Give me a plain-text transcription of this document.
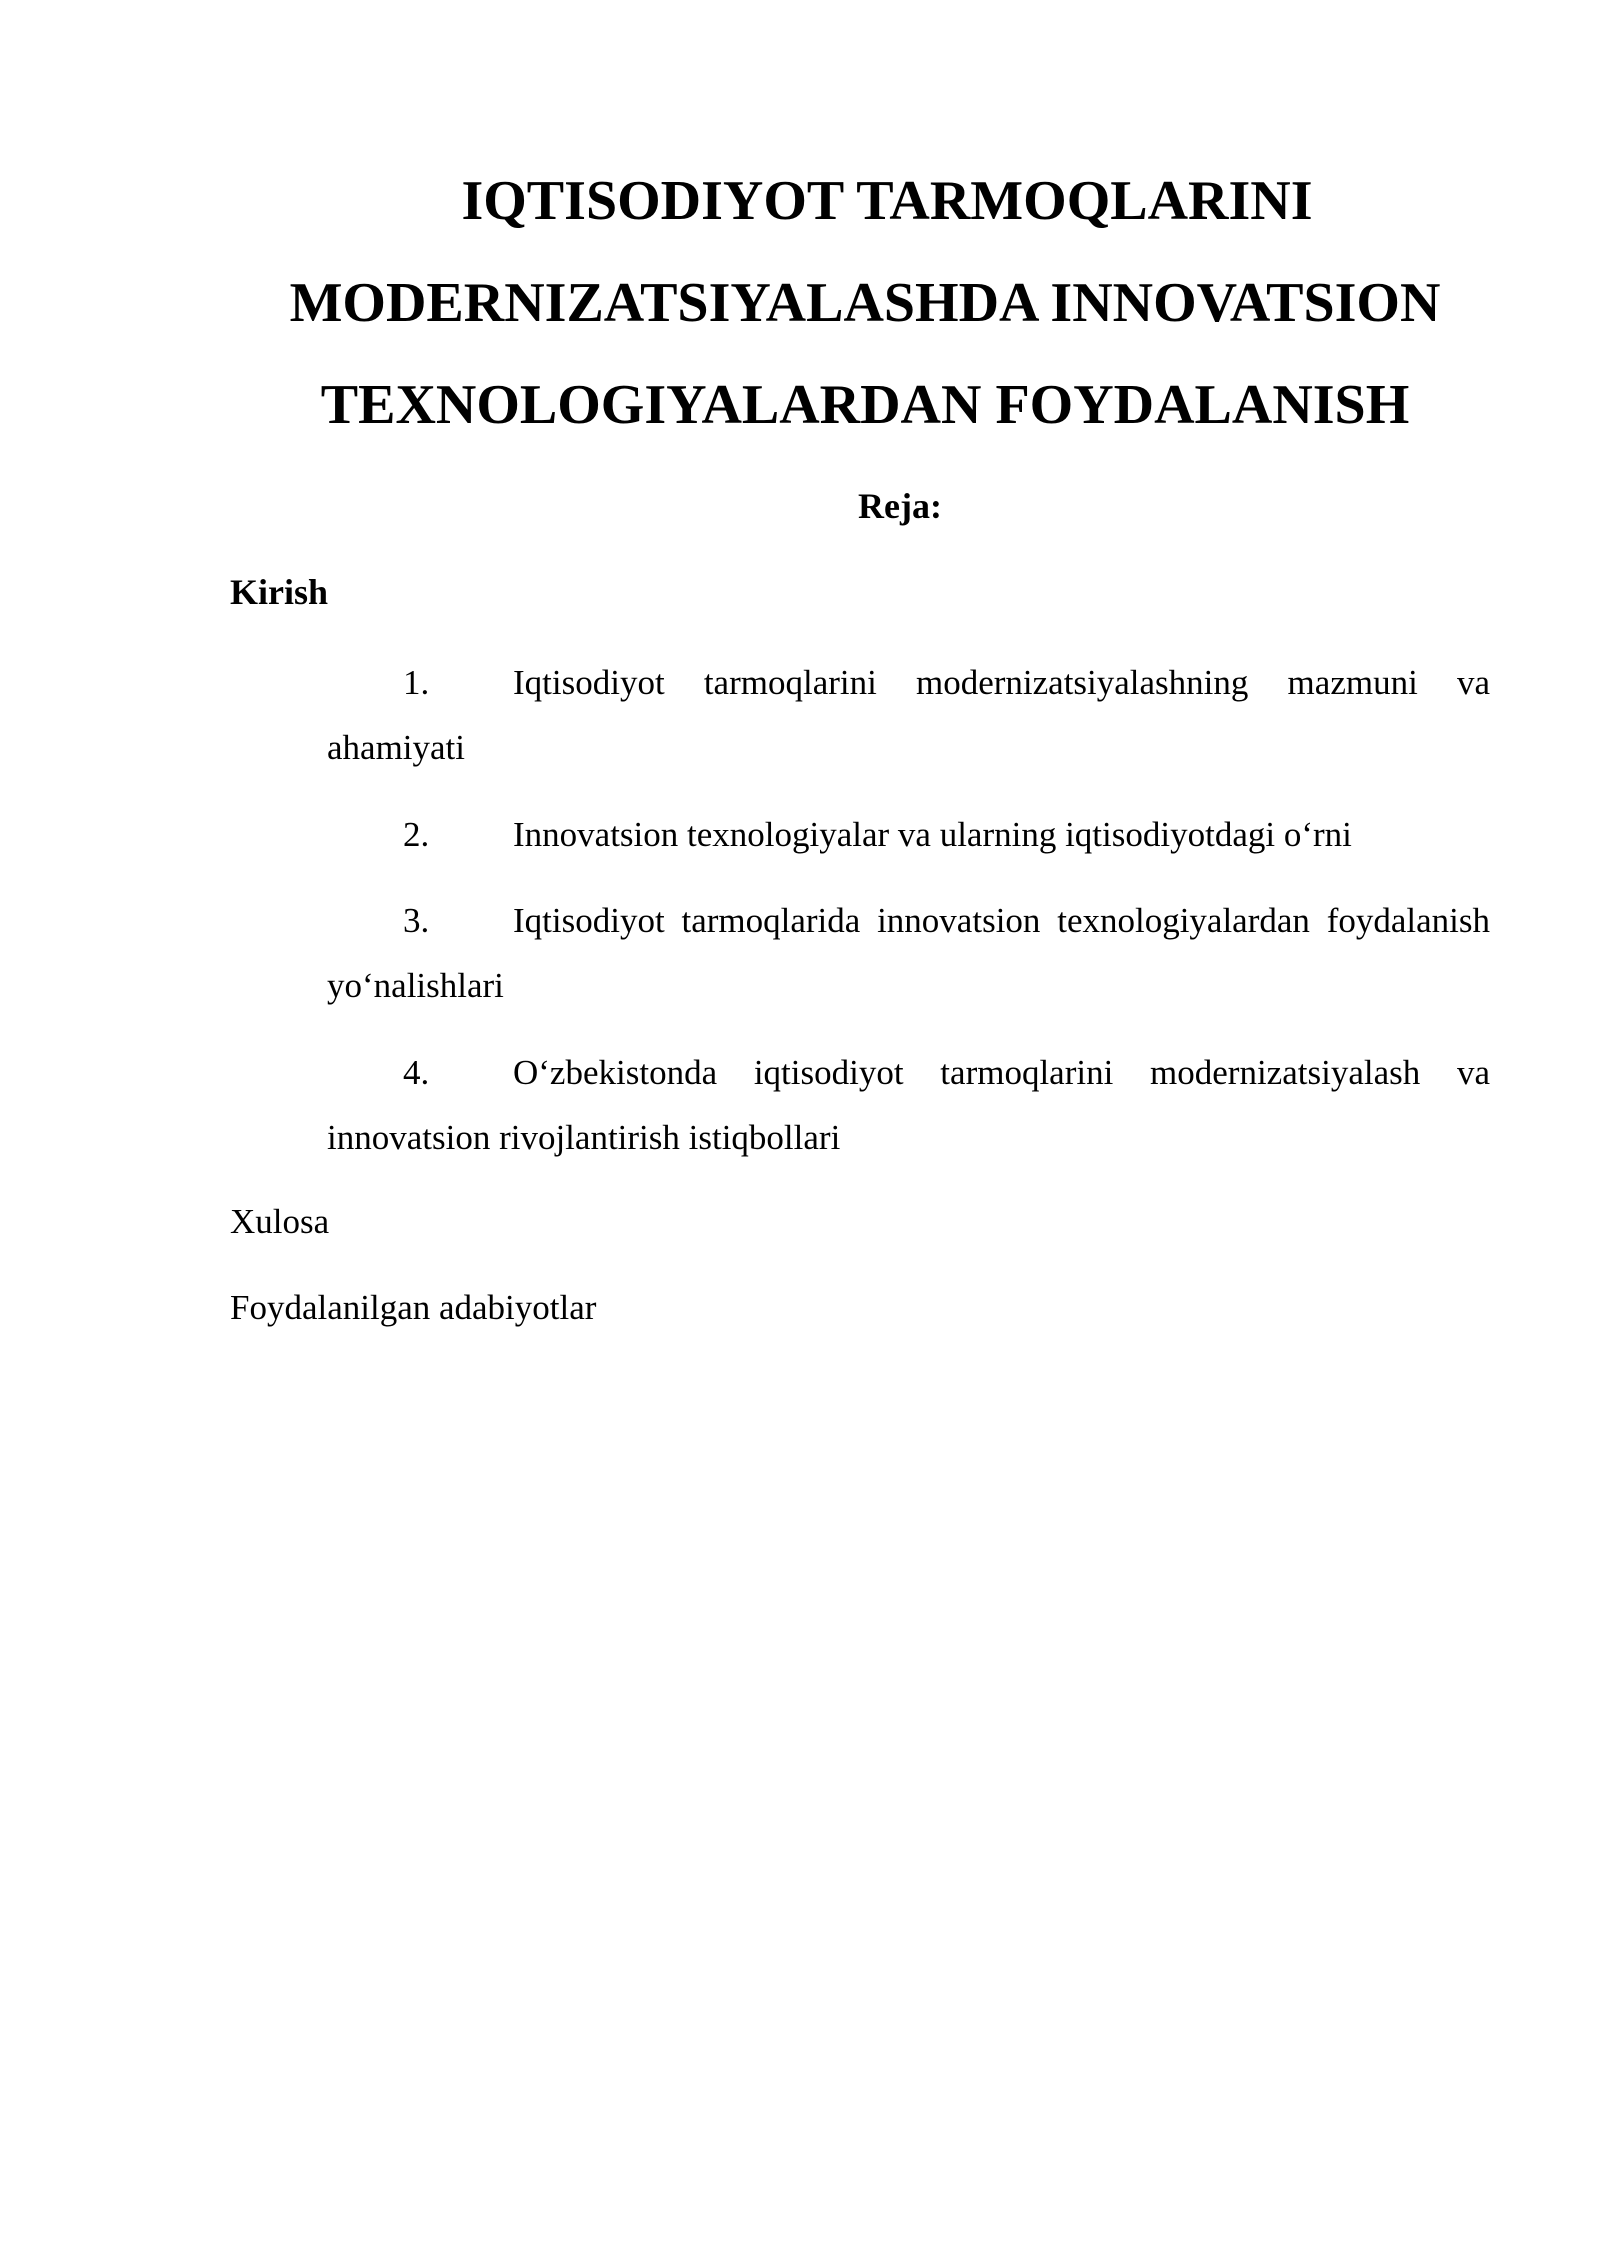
IQTISODIYOT TARMOQLARINI
MODERNIZATSIYALASHDA INNOVATSION
TEXNOLOGIYALARDAN FOYDALANISH
Reja:
Kirish
1. Iqtisodiyot tarmoqlarini modernizatsiyalashning mazmuni va ahamiyati
2. Innovatsion texnologiyalar va ularning iqtisodiyotdagi o‘rni
3. Iqtisodiyot tarmoqlarida innovatsion texnologiyalardan foydalanish yo‘nalishlari
4. O‘zbekistonda iqtisodiyot tarmoqlarini modernizatsiyalash va innovatsion rivojlantirish istiqbollari
Xulosa
Foydalanilgan adabiyotlar
